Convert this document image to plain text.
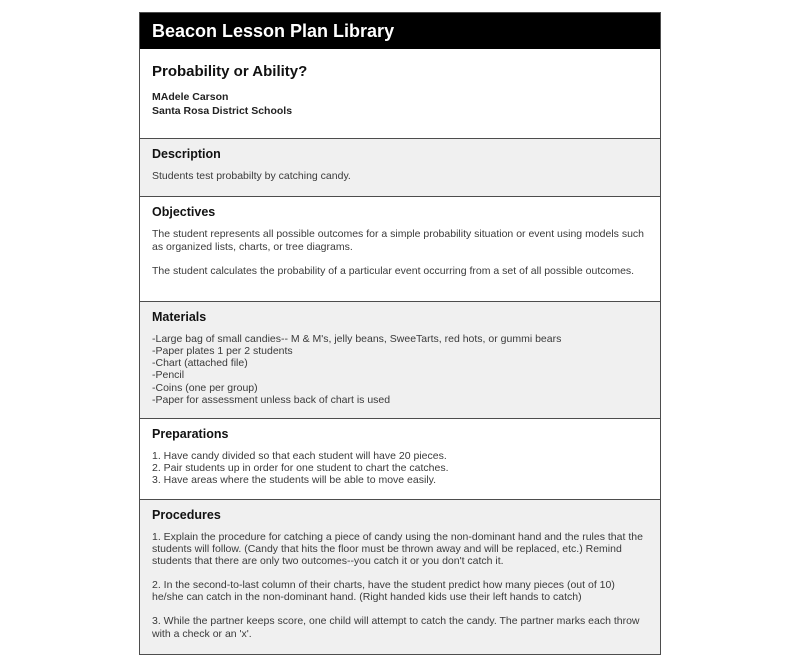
Beacon Lesson Plan Library
Probability or Ability?
MAdele Carson
Santa Rosa District Schools
Description

Students test probabilty by catching candy.

Objectives

The student represents all possible outcomes for a simple probability situation or event using models such as organized lists, charts, or tree diagrams.

The student calculates the probability of a particular event occurring from a set of all possible outcomes.

Materials
-Large bag of small candies-- M & M's, jelly beans, SweeTarts, red hots, or gummi bears
-Paper plates 1 per 2 students
-Chart (attached file)
-Pencil
-Coins (one per group)
-Paper for assessment unless back of chart is used
Preparations
1. Have candy divided so that each student will have 20 pieces.
2. Pair students up in order for one student to chart the catches.
3. Have areas where the students will be able to move easily.
Procedures

1. Explain the procedure for catching a piece of candy using the non-dominant hand and the rules that the students will follow. (Candy that hits the floor must be thrown away and will be replaced, etc.) Remind students that there are only two outcomes--you catch it or you don't catch it.

2. In the second-to-last column of their charts, have the student predict how many pieces (out of 10) he/she can catch in the non-dominant hand. (Right handed kids use their left hands to catch)

3. While the partner keeps score, one child will attempt to catch the candy. The partner marks each throw with a check or an 'x'.
